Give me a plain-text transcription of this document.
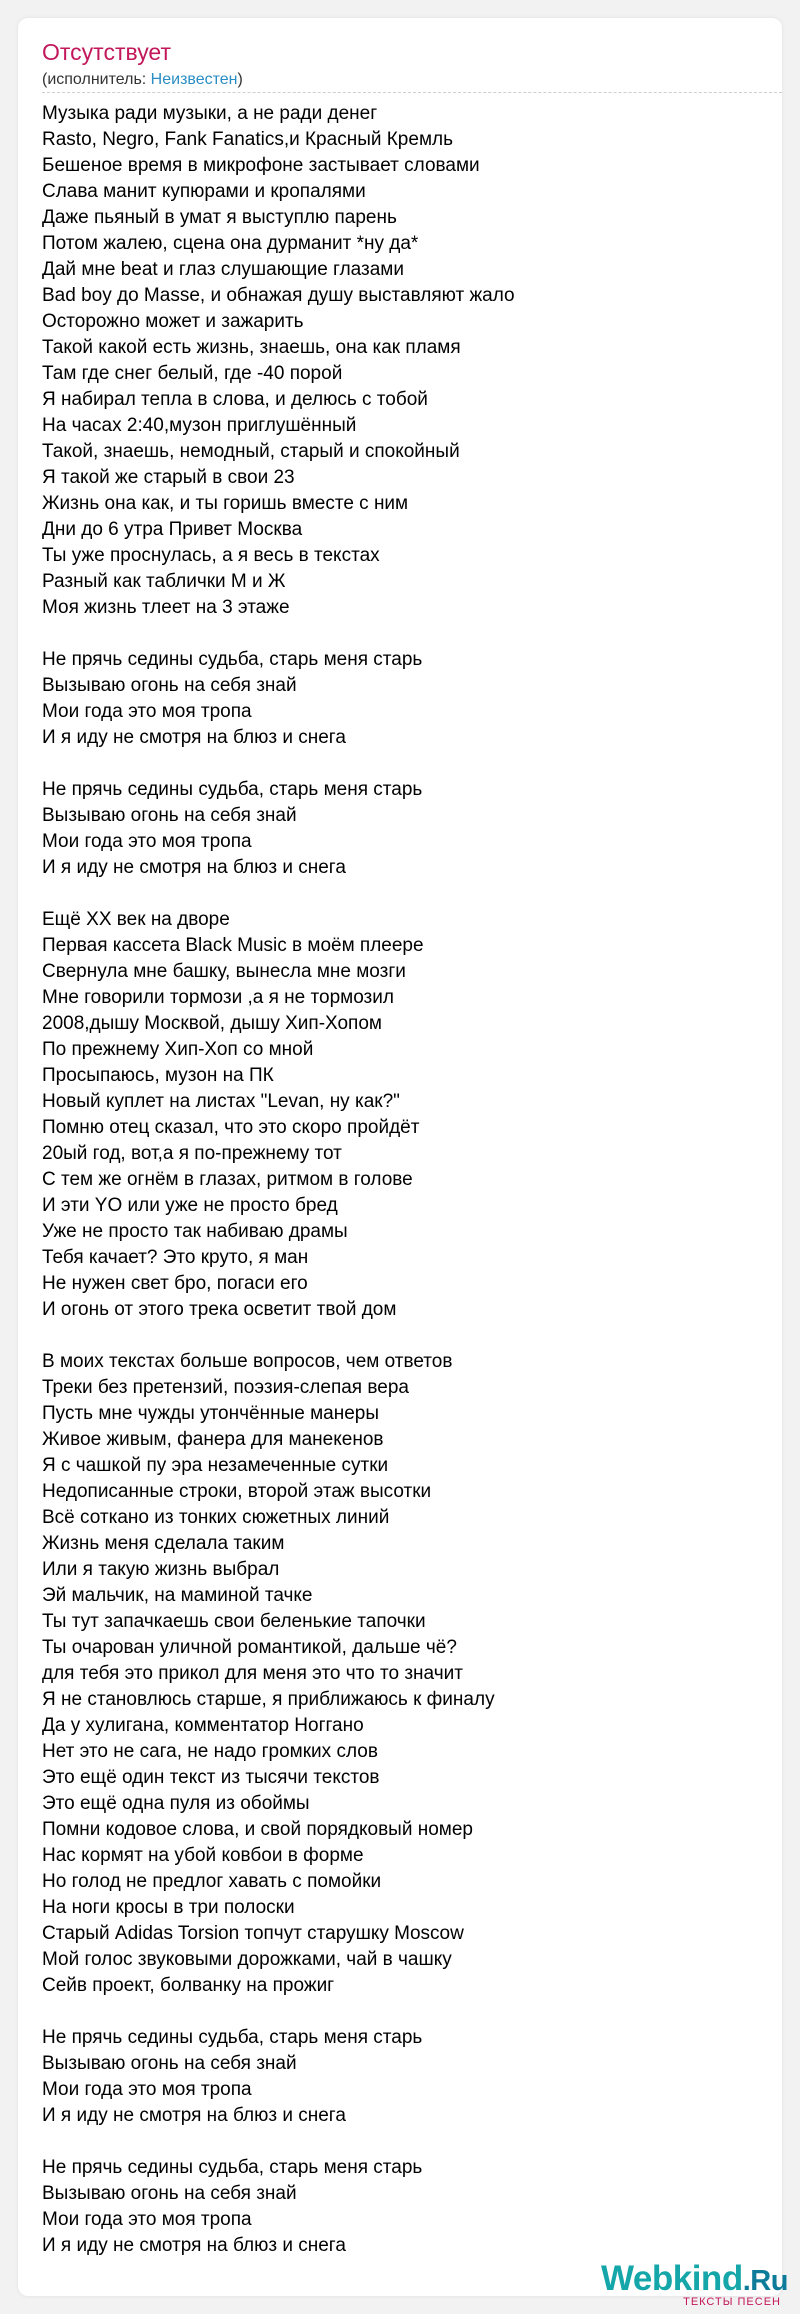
Отсутствует
(исполнитель: Неизвестен)
Музыка ради музыки, а не ради денег
Rasto, Negro, Fank Fanatics,и Красный Кремль
Бешеное время в микрофоне застывает словами
Слава манит купюрами и кропалями
Даже пьяный в умат я выступлю парень
Потом жалею, сцена она дурманит *ну да*
Дай мне beat и глаз слушающие глазами
Bad boy до Masse, и обнажая душу выставляют жало
Осторожно может и зажарить
Такой какой есть жизнь, знаешь, она как пламя
Там где снег белый, где -40 порой
Я набирал тепла в слова, и делюсь с тобой
На часах 2:40,музон приглушённый
Такой, знаешь, немодный, старый и спокойный
Я такой же старый в свои 23
Жизнь она как, и ты горишь вместе с ним
Дни до 6 утра Привет Москва
Ты уже проснулась, а я весь в текстах
Разный как таблички М и Ж
Моя жизнь тлеет на 3 этаже
Не прячь седины судьба, старь меня старь
Вызываю огонь на себя знай
Мои года это моя тропа
И я иду не смотря на блюз и снега
Не прячь седины судьба, старь меня старь
Вызываю огонь на себя знай
Мои года это моя тропа
И я иду не смотря на блюз и снега
Ещё XX век на дворе
Первая кассета Black Music в моём плеере
Свернула мне башку, вынесла мне мозги
Мне говорили тормози ,а я не тормозил
2008,дышу Москвой, дышу Хип-Хопом
По прежнему Хип-Хоп со мной
Просыпаюсь, музон на ПК
Новый куплет на листах "Levan, ну как?"
Помню отец сказал, что это скоро пройдёт
20ый год, вот,а я по-прежнему тот
С тем же огнём в глазах, ритмом в голове
И эти YO или уже не просто бред
Уже не просто так набиваю драмы
Тебя качает? Это круто, я ман
Не нужен свет бро, погаси его
И огонь от этого трека осветит твой дом
В моих текстах больше вопросов, чем ответов
Треки без претензий, поэзия-слепая вера
Пусть мне чужды утончённые манеры
Живое живым, фанера для манекенов
Я с чашкой пу эра незамеченные сутки
Недописанные строки, второй этаж высотки
Всё соткано из тонких сюжетных линий
Жизнь меня сделала таким
Или я такую жизнь выбрал
Эй мальчик, на маминой тачке
Ты тут запачкаешь свои беленькие тапочки
Ты очарован уличной романтикой, дальше чё?
для тебя это прикол для меня это что то значит
Я не становлюсь старше, я приближаюсь к финалу
Да у хулигана, комментатор Ноггано
Нет это не сага, не надо громких слов
Это ещё один текст из тысячи текстов
Это ещё одна пуля из обоймы
Помни кодовое слова, и свой порядковый номер
Нас кормят на убой ковбои в форме
Но голод не предлог хавать с помойки
На ноги кросы в три полоски
Старый Adidas Torsion топчут старушку Moscow
Мой голос звуковыми дорожками, чай в чашку
Сейв проект, болванку на прожиг
Не прячь седины судьба, старь меня старь
Вызываю огонь на себя знай
Мои года это моя тропа
И я иду не смотря на блюз и снега
Не прячь седины судьба, старь меня старь
Вызываю огонь на себя знай
Мои года это моя тропа
И я иду не смотря на блюз и снега
Webkind.Ru
ТЕКСТЫ ПЕСЕН
